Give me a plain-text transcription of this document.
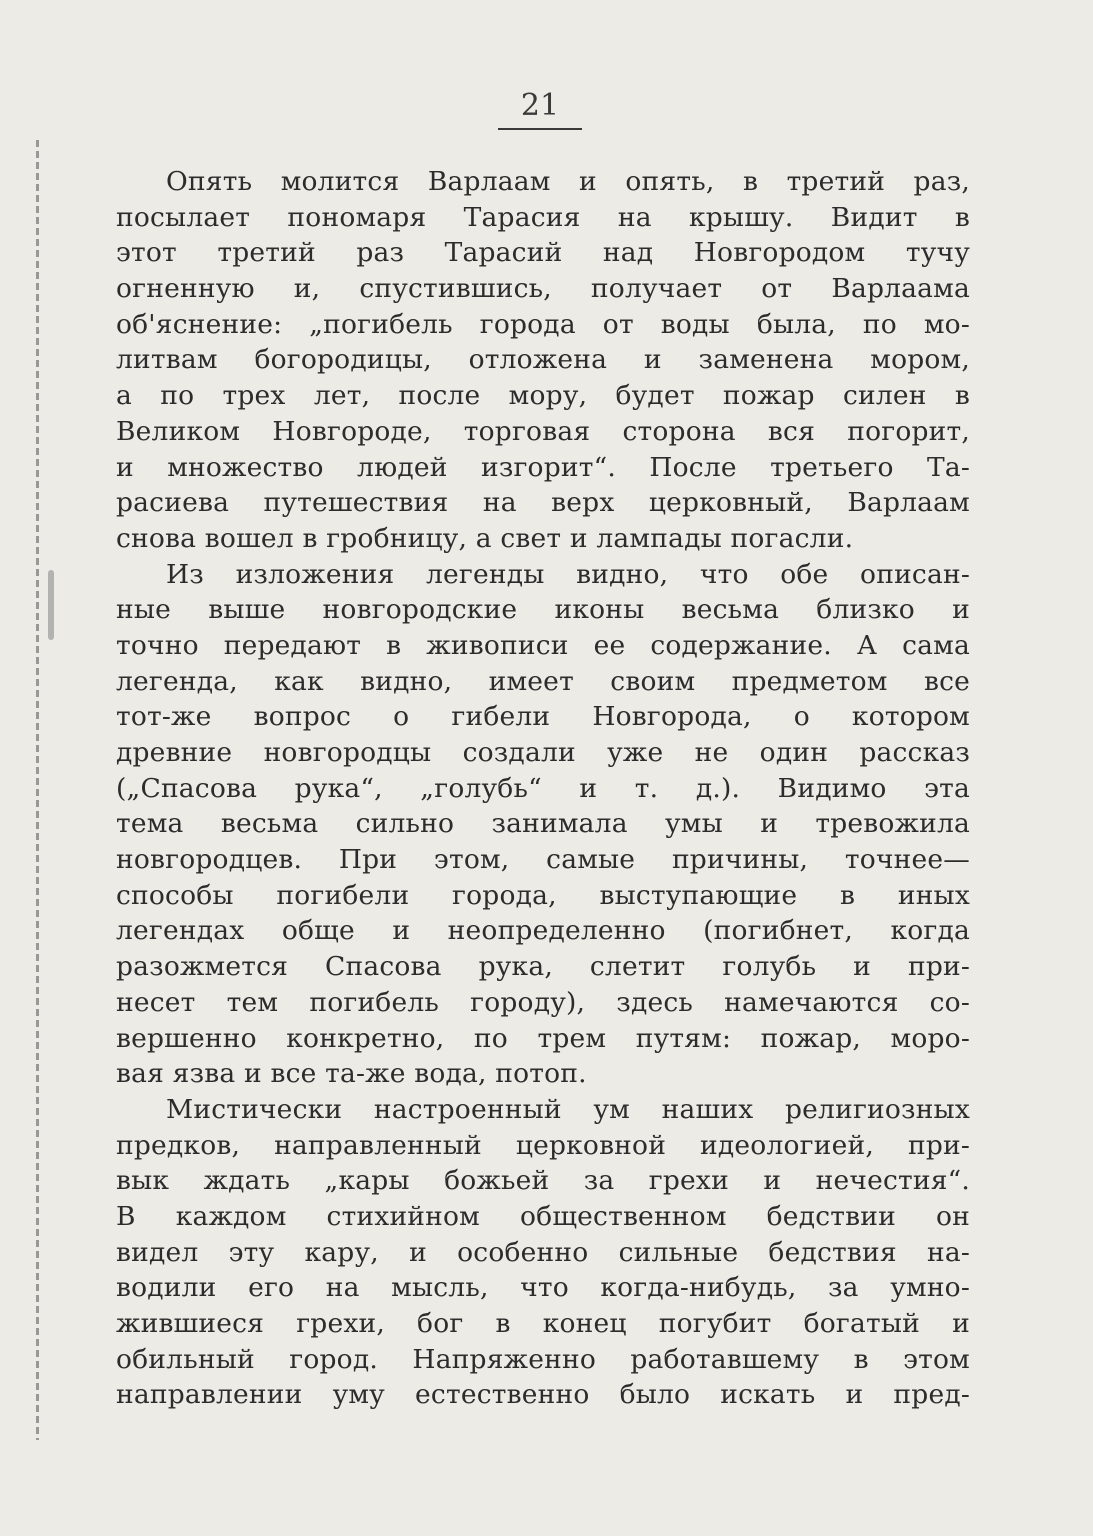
21
Опять молится Варлаам и опять, в третий раз,
посылает пономаря Тарасия на крышу. Видит в
этот третий раз Тарасий над Новгородом тучу
огненную и, спустившись, получает от Варлаама
об'яснение: „погибель города от воды была, по мо-
литвам богородицы, отложена и заменена мором,
а по трех лет, после мору, будет пожар силен в
Великом Новгороде, торговая сторона вся погорит,
и множество людей изгорит“. После третьего Та-
расиева путешествия на верх церковный, Варлаам
снова вошел в гробницу, а свет и лампады погасли.
Из изложения легенды видно, что обе описан-
ные выше новгородские иконы весьма близко и
точно передают в живописи ее содержание. А сама
легенда, как видно, имеет своим предметом все
тот-же вопрос о гибели Новгорода, о котором
древние новгородцы создали уже не один рассказ
(„Спасова рука“, „голубь“ и т. д.). Видимо эта
тема весьма сильно занимала умы и тревожила
новгородцев. При этом, самые причины, точнее—
способы погибели города, выступающие в иных
легендах обще и неопределенно (погибнет, когда
разожмется Спасова рука, слетит голубь и при-
несет тем погибель городу), здесь намечаются со-
вершенно конкретно, по трем путям: пожар, моро-
вая язва и все та-же вода, потоп.
Мистически настроенный ум наших религиозных
предков, направленный церковной идеологией, при-
вык ждать „кары божьей за грехи и нечестия“.
В каждом стихийном общественном бедствии он
видел эту кару, и особенно сильные бедствия на-
водили его на мысль, что когда-нибудь, за умно-
жившиеся грехи, бог в конец погубит богатый и
обильный город. Напряженно работавшему в этом
направлении уму естественно было искать и пред-
